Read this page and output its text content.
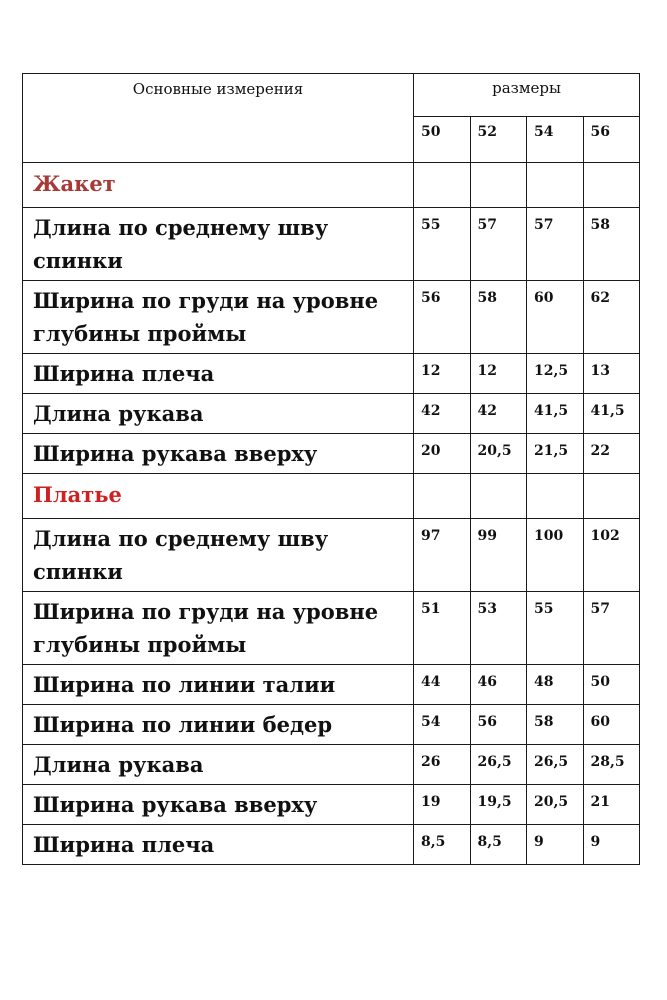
Основные измерения	размеры			
	50	52	54	56
Жакет				
Длина по среднему шву спинки	55	57	57	58
Ширина по груди на уровне глубины проймы	56	58	60	62
Ширина плеча	12	12	12,5	13
Длина рукава	42	42	41,5	41,5
Ширина рукава вверху	20	20,5	21,5	22
Платье				
Длина по среднему шву спинки	97	99	100	102
Ширина по груди на уровне глубины проймы	51	53	55	57
Ширина по линии талии	44	46	48	50
Ширина по линии бедер	54	56	58	60
Длина рукава	26	26,5	26,5	28,5
Ширина рукава вверху	19	19,5	20,5	21
Ширина плеча	8,5	8,5	9	9
